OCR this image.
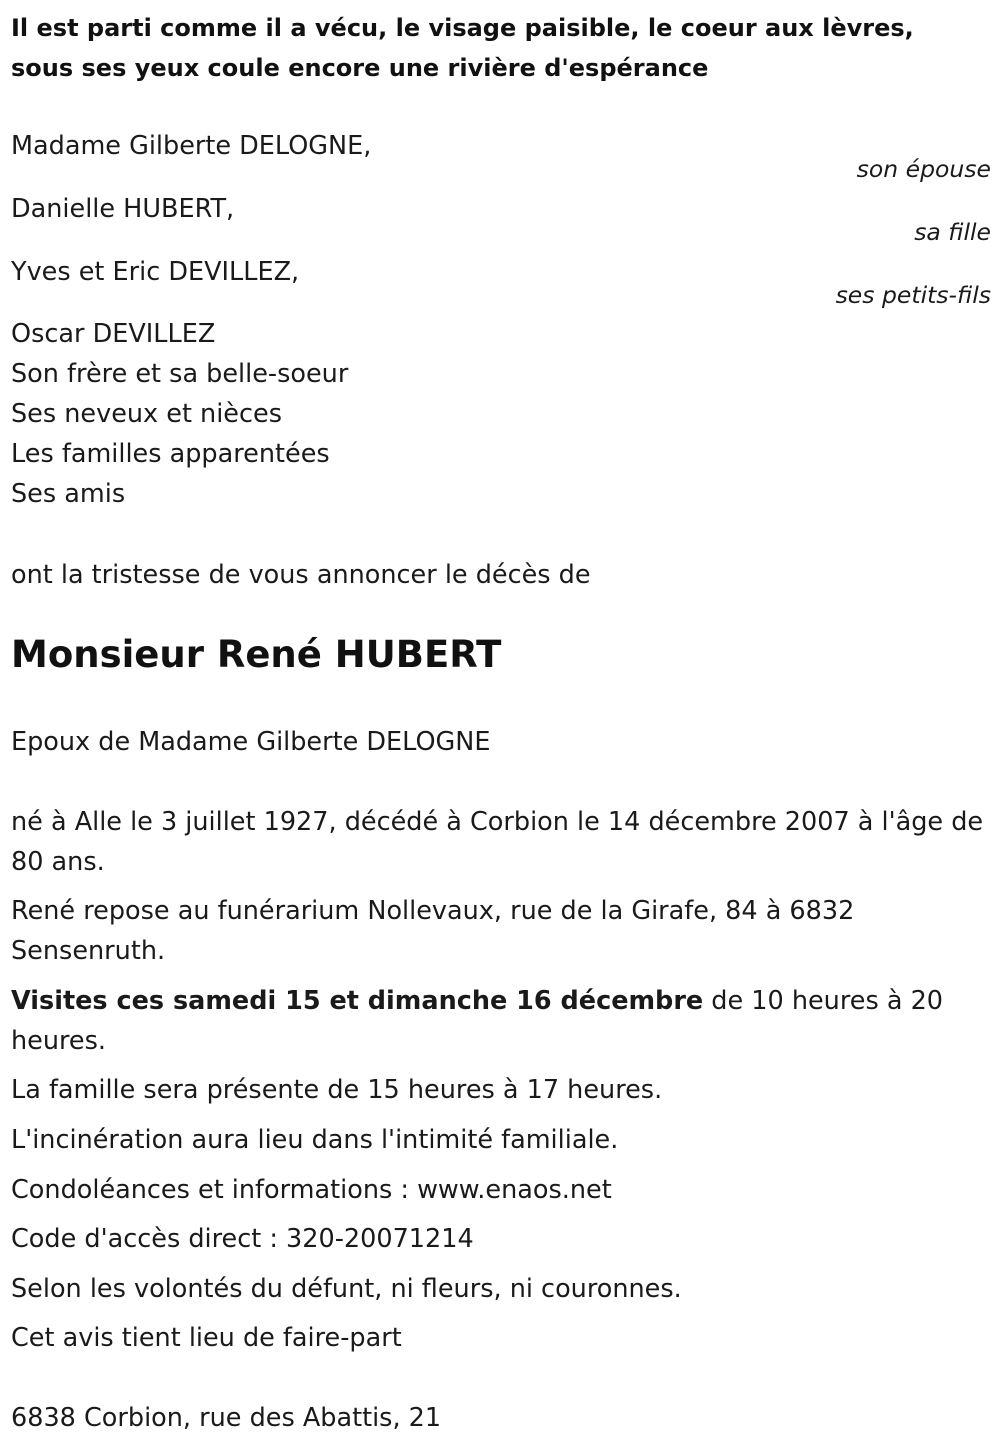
Il est parti comme il a vécu, le visage paisible, le coeur aux lèvres,
sous ses yeux coule encore une rivière d'espérance
Madame Gilberte DELOGNE,
son épouse
Danielle HUBERT,
sa fille
Yves et Eric DEVILLEZ,
ses petits-fils
Oscar DEVILLEZ
Son frère et sa belle-soeur
Ses neveux et nièces
Les familles apparentées
Ses amis
ont la tristesse de vous annoncer le décès de
Monsieur René HUBERT
Epoux de Madame Gilberte DELOGNE
né à Alle le 3 juillet 1927, décédé à Corbion le 14 décembre 2007 à l'âge de 80 ans.
René repose au funérarium Nollevaux, rue de la Girafe, 84 à 6832 Sensenruth.
Visites ces samedi 15 et dimanche 16 décembre de 10 heures à 20 heures.
La famille sera présente de 15 heures à 17 heures.
L'incinération aura lieu dans l'intimité familiale.
Condoléances et informations : www.enaos.net
Code d'accès direct : 320-20071214
Selon les volontés du défunt, ni fleurs, ni couronnes.
Cet avis tient lieu de faire-part
6838 Corbion, rue des Abattis, 21
